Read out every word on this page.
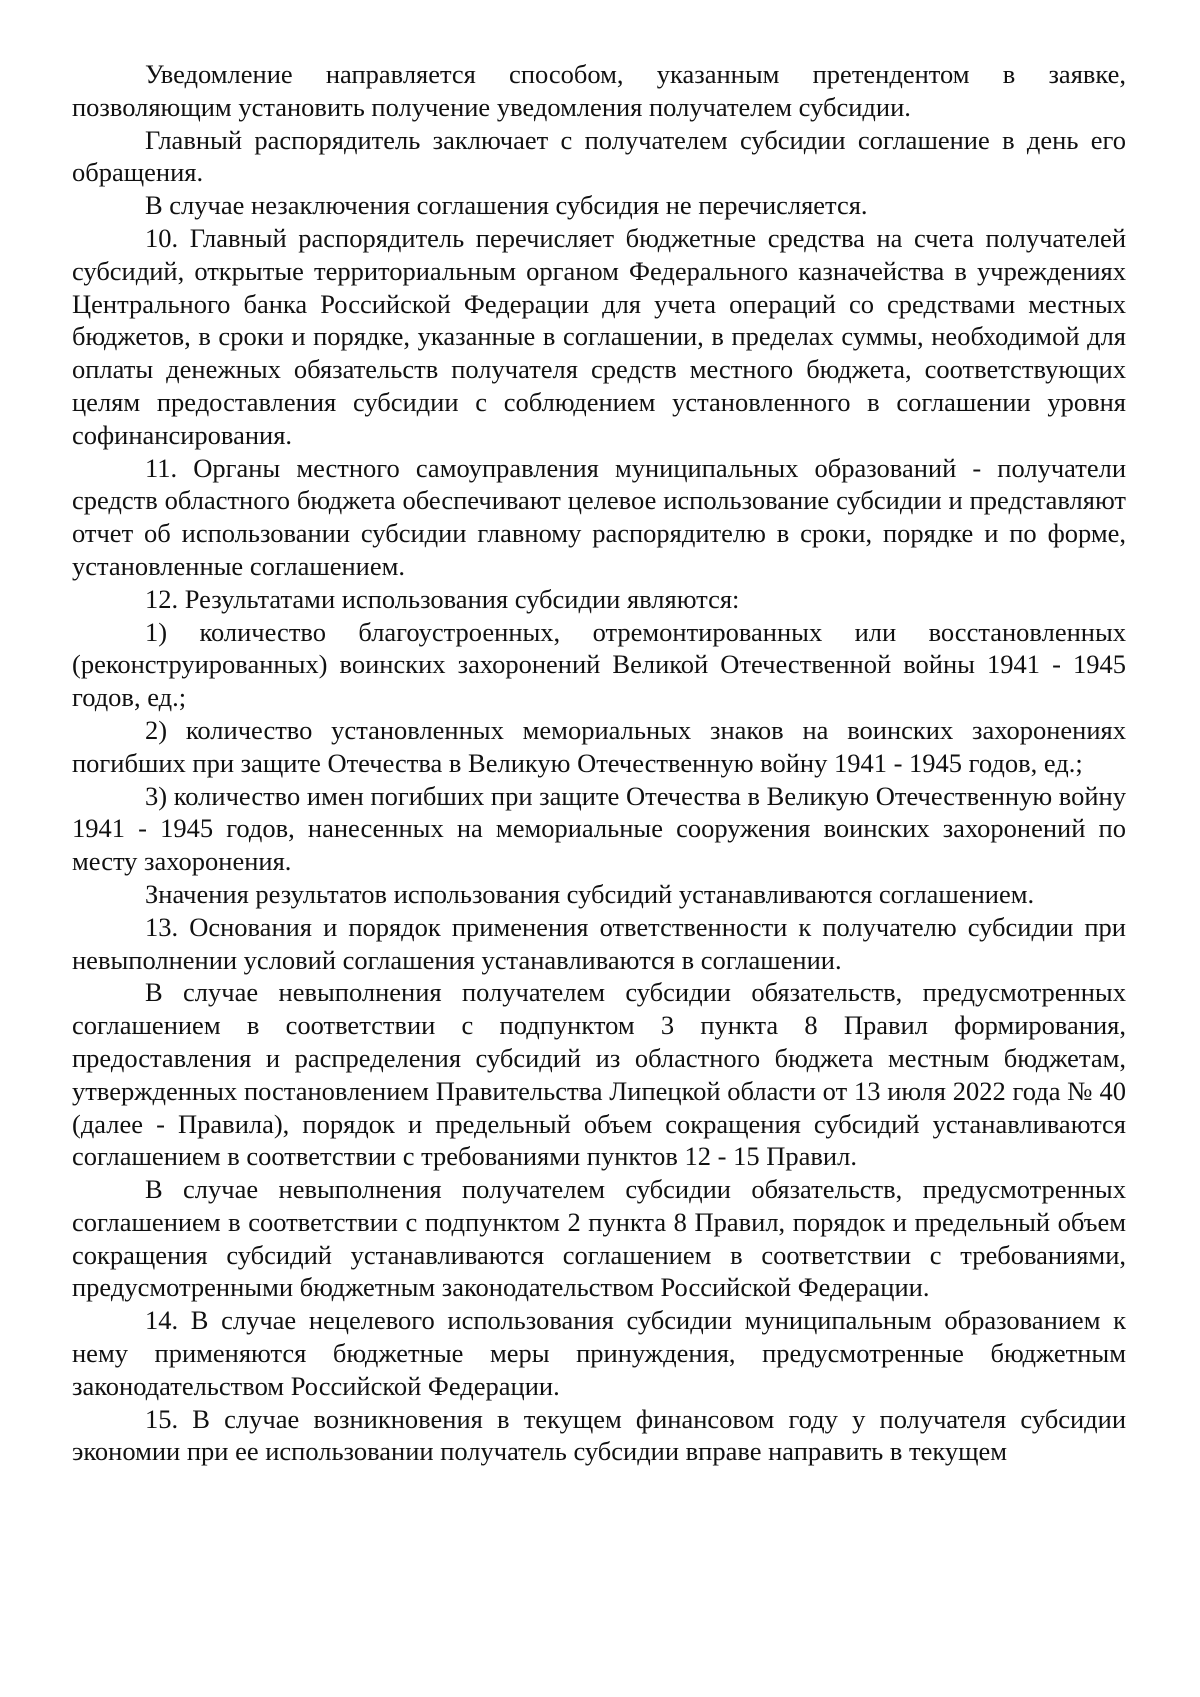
Уведомление направляется способом, указанным претендентом в заявке, позволяющим установить получение уведомления получателем субсидии.

Главный распорядитель заключает с получателем субсидии соглашение в день его обращения.

В случае незаключения соглашения субсидия не перечисляется.

10. Главный распорядитель перечисляет бюджетные средства на счета получателей субсидий, открытые территориальным органом Федерального казначейства в учреждениях Центрального банка Российской Федерации для учета операций со средствами местных бюджетов, в сроки и порядке, указанные в соглашении, в пределах суммы, необходимой для оплаты денежных обязательств получателя средств местного бюджета, соответствующих целям предоставления субсидии с соблюдением установленного в соглашении уровня софинансирования.

11. Органы местного самоуправления муниципальных образований - получатели средств областного бюджета обеспечивают целевое использование субсидии и представляют отчет об использовании субсидии главному распорядителю в сроки, порядке и по форме, установленные соглашением.

12. Результатами использования субсидии являются:

1) количество благоустроенных, отремонтированных или восстановленных (реконструированных) воинских захоронений Великой Отечественной войны 1941 - 1945 годов, ед.;

2) количество установленных мемориальных знаков на воинских захоронениях погибших при защите Отечества в Великую Отечественную войну 1941 - 1945 годов, ед.;

3) количество имен погибших при защите Отечества в Великую Отечественную войну 1941 - 1945 годов, нанесенных на мемориальные сооружения воинских захоронений по месту захоронения.

Значения результатов использования субсидий устанавливаются соглашением.

13. Основания и порядок применения ответственности к получателю субсидии при невыполнении условий соглашения устанавливаются в соглашении.

В случае невыполнения получателем субсидии обязательств, предусмотренных соглашением в соответствии с подпунктом 3 пункта 8 Правил формирования, предоставления и распределения субсидий из областного бюджета местным бюджетам, утвержденных постановлением Правительства Липецкой области от 13 июля 2022 года № 40 (далее - Правила), порядок и предельный объем сокращения субсидий устанавливаются соглашением в соответствии с требованиями пунктов 12 - 15 Правил.

В случае невыполнения получателем субсидии обязательств, предусмотренных соглашением в соответствии с подпунктом 2 пункта 8 Правил, порядок и предельный объем сокращения субсидий устанавливаются соглашением в соответствии с требованиями, предусмотренными бюджетным законодательством Российской Федерации.

14. В случае нецелевого использования субсидии муниципальным образованием к нему применяются бюджетные меры принуждения, предусмотренные бюджетным законодательством Российской Федерации.

15. В случае возникновения в текущем финансовом году у получателя субсидии экономии при ее использовании получатель субсидии вправе направить в текущем
